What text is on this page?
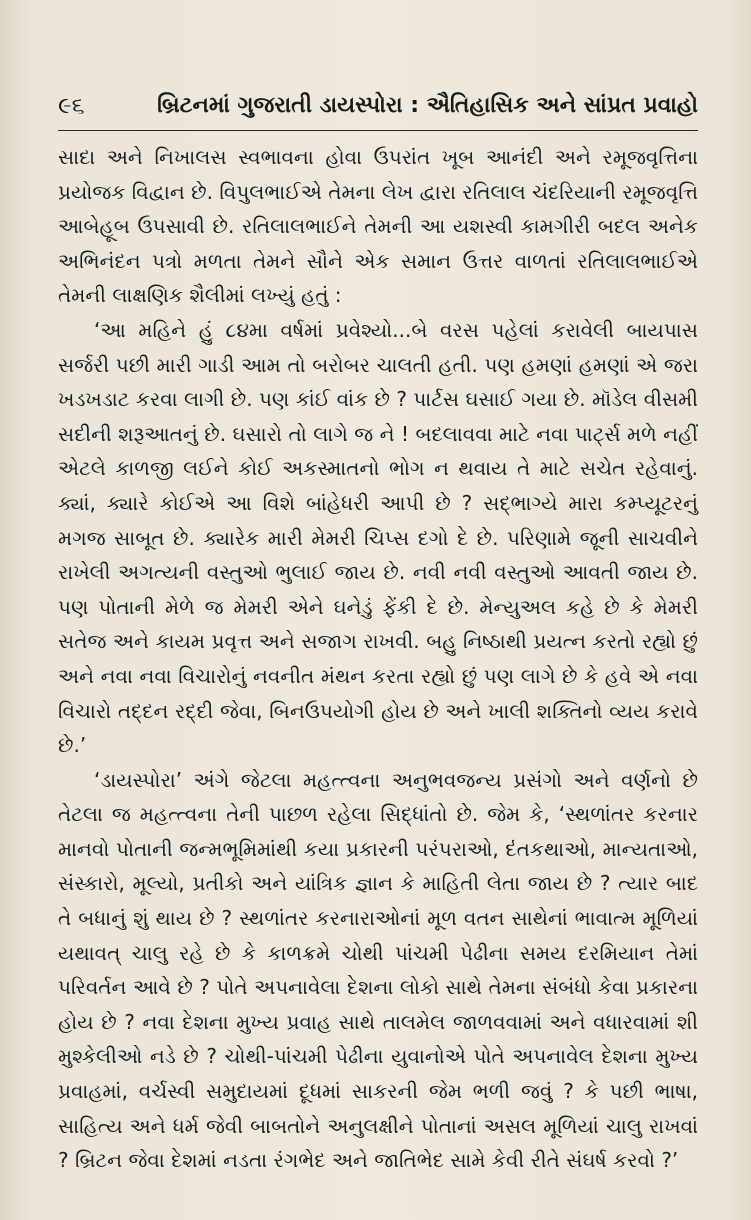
૯૬	બ્રિટનમાં ગુજરાતી ડાયસ્પોરા : ઐતિહાસિક અને સાંપ્રત પ્રવાહો

સાદા અને નિખાલસ સ્વભાવના હોવા ઉપરાંત ખૂબ આનંદી અને રમૂજવૃત્તિના પ્રયોજક વિદ્વાન છે. વિપુલભાઈએ તેમના લેખ દ્વારા રતિલાલ ચંદરિયાની રમૂજવૃત્તિ આબેહૂબ ઉપસાવી છે. રતિલાલભાઈને તેમની આ યશસ્વી કામગીરી બદલ અનેક અભિનંદન પત્રો મળતા તેમને સૌને એક સમાન ઉત્તર વાળતાં રતિલાલભાઈએ તેમની લાક્ષણિક શૈલીમાં લખ્યું હતું :

‘આ મહિને હું ૮૪મા વર્ષમાં પ્રવેશ્યો...બે વરસ પહેલાં કરાવેલી બાયપાસ સર્જરી પછી મારી ગાડી આમ તો બરોબર ચાલતી હતી. પણ હમણાં હમણાં એ જરા ખડખડાટ કરવા લાગી છે. પણ કાંઈ વાંક છે ? પાર્ટસ ઘસાઈ ગયા છે. મૉડેલ વીસમી સદીની શરૂઆતનું છે. ઘસારો તો લાગે જ ને ! બદલાવવા માટે નવા પાર્ટ્સ મળે નહીં એટલે કાળજી લઈને કોઈ અકસ્માતનો ભોગ ન થવાય તે માટે સચેત રહેવાનું. ક્યાં, ક્યારે કોઈએ આ વિશે બાંહેધરી આપી છે ? સદ્‌ભાગ્યે મારા કમ્પ્યૂટરનું મગજ સાબૂત છે. ક્યારેક મારી મેમરી ચિપ્સ દગો દે છે. પરિણામે જૂની સાચવીને રાખેલી અગત્યની વસ્તુઓ ભુલાઈ જાય છે. નવી નવી વસ્તુઓ આવતી જાય છે. પણ પોતાની મેળે જ મેમરી એને ઘનેડું ફેંકી દે છે. મેન્યુઅલ કહે છે કે મેમરી સતેજ અને કાયમ પ્રવૃત્ત અને સજાગ રાખવી. બહુ નિષ્ઠાથી પ્રયત્ન કરતો રહ્યો છું અને નવા નવા વિચારોનું નવનીત મંથન કરતા રહ્યો છું પણ લાગે છે કે હવે એ નવા વિચારો તદ્દન રદ્દી જેવા, બિનઉપયોગી હોય છે અને ખાલી શક્તિનો વ્યય કરાવે છે.’

‘ડાયસ્પોરા’ અંગે જેટલા મહત્ત્વના અનુભવજન્ય પ્રસંગો અને વર્ણનો છે તેટલા જ મહત્ત્વના તેની પાછળ રહેલા સિદ્ધાંતો છે. જેમ કે, ‘સ્થળાંતર કરનાર માનવો પોતાની જન્મભૂમિમાંથી કયા પ્રકારની પરંપરાઓ, દંતકથાઓ, માન્યતાઓ, સંસ્કારો, મૂલ્યો, પ્રતીકો અને યાંત્રિક જ્ઞાન કે માહિતી લેતા જાય છે ? ત્યાર બાદ તે બધાનું શું થાય છે ? સ્થળાંતર કરનારાઓનાં મૂળ વતન સાથેનાં ભાવાત્મ મૂળિયાં યથાવત્ ચાલુ રહે છે કે કાળક્રમે ચોથી પાંચમી પેઢીના સમય દરમિયાન તેમાં પરિવર્તન આવે છે ? પોતે અપનાવેલા દેશના લોકો સાથે તેમના સંબંધો કેવા પ્રકારના હોય છે ? નવા દેશના મુખ્ય પ્રવાહ સાથે તાલમેલ જાળવવામાં અને વધારવામાં શી મુશ્કેલીઓ નડે છે ? ચોથી-પાંચમી પેઢીના યુવાનોએ પોતે અપનાવેલ દેશના મુખ્ય પ્રવાહમાં, વર્ચસ્વી સમુદાયમાં દૂધમાં સાકરની જેમ ભળી જવું ? કે પછી ભાષા, સાહિત્ય અને ધર્મ જેવી બાબતોને અનુલક્ષીને પોતાનાં અસલ મૂળિયાં ચાલુ રાખવાં ? બ્રિટન જેવા દેશમાં નડતા રંગભેદ અને જાતિભેદ સામે કેવી રીતે સંઘર્ષ કરવો ?’
